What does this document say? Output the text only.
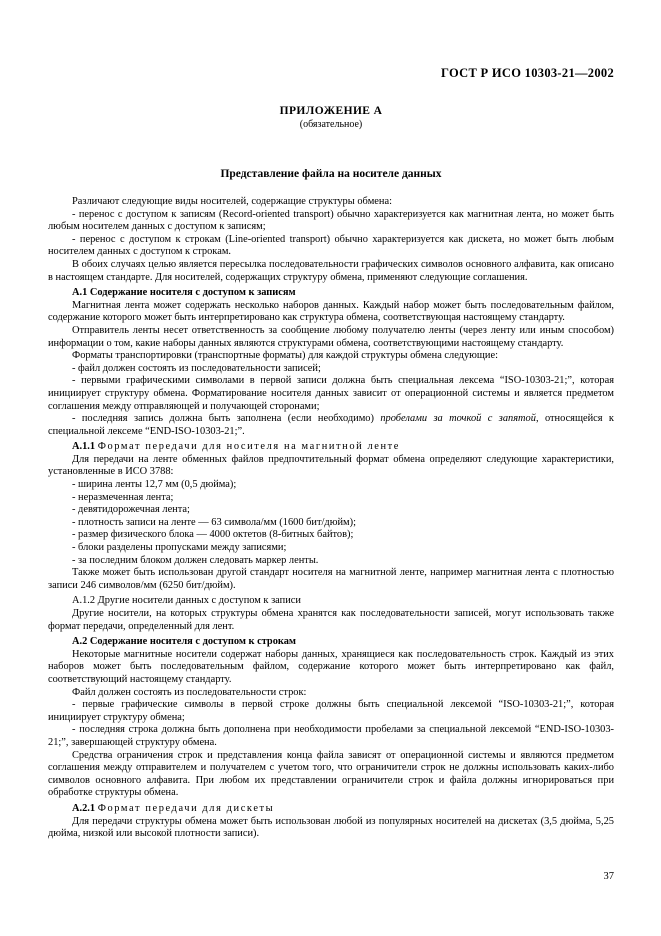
ГОСТ Р ИСО 10303-21—2002
ПРИЛОЖЕНИЕ А
(обязательное)
Представление файла на носителе данных

Различают следующие виды носителей, содержащие структуры обмена:

- перенос с доступом к записям (Record-oriented transport) обычно характеризуется как магнитная лента, но может быть любым носителем данных с доступом к записям;

- перенос с доступом к строкам (Line-oriented transport) обычно характеризуется как дискета, но может быть любым носителем данных с доступом к строкам.

В обоих случаях целью является пересылка последовательности графических символов основного алфавита, как описано в настоящем стандарте. Для носителей, содержащих структуру обмена, применяют следующие соглашения.

А.1 Содержание носителя с доступом к записям

Магнитная лента может содержать несколько наборов данных. Каждый набор может быть последовательным файлом, содержание которого может быть интерпретировано как структура обмена, соответствующая настоящему стандарту.

Отправитель ленты несет ответственность за сообщение любому получателю ленты (через ленту или иным способом) информации о том, какие наборы данных являются структурами обмена, соответствующими настоящему стандарту.

Форматы транспортировки (транспортные форматы) для каждой структуры обмена следующие:

- файл должен состоять из последовательности записей;

- первыми графическими символами в первой записи должна быть специальная лексема “ISO-10303-21;”, которая инициирует структуру обмена. Форматирование носителя данных зависит от операционной системы и является предметом соглашения между отправляющей и получающей сторонами;

- последняя запись должна быть заполнена (если необходимо) пробелами за точкой с запятой, относящейся к специальной лексеме “END-ISO-10303-21;”.

А.1.1 Формат передачи для носителя на магнитной ленте

Для передачи на ленте обменных файлов предпочтительный формат обмена определяют следующие характеристики, установленные в ИСО 3788:

- ширина ленты 12,7 мм (0,5 дюйма);

- неразмеченная лента;

- девятидорожечная лента;

- плотность записи на ленте — 63 символа/мм (1600 бит/дюйм);

- размер физического блока — 4000 октетов (8-битных байтов);

- блоки разделены пропусками между записями;

- за последним блоком должен следовать маркер ленты.

Также может быть использован другой стандарт носителя на магнитной ленте, например магнитная лента с плотностью записи 246 символов/мм (6250 бит/дюйм).

А.1.2 Другие носители данных с доступом к записи

Другие носители, на которых структуры обмена хранятся как последовательности записей, могут использовать также формат передачи, определенный для лент.

А.2 Содержание носителя с доступом к строкам

Некоторые магнитные носители содержат наборы данных, хранящиеся как последовательность строк. Каждый из этих наборов может быть последовательным файлом, содержание которого может быть интерпретировано как файл, соответствующий настоящему стандарту.

Файл должен состоять из последовательности строк:

- первые графические символы в первой строке должны быть специальной лексемой “ISO-10303-21;”, которая инициирует структуру обмена;

- последняя строка должна быть дополнена при необходимости пробелами за специальной лексемой “END-ISO-10303-21;”, завершающей структуру обмена.

Средства ограничения строк и представления конца файла зависят от операционной системы и являются предметом соглашения между отправителем и получателем с учетом того, что ограничители строк не должны использовать каких-либо символов основного алфавита. При любом их представлении ограничители строк и файла должны игнорироваться при обработке структуры обмена.

А.2.1 Формат передачи для дискеты

Для передачи структуры обмена может быть использован любой из популярных носителей на дискетах (3,5 дюйма, 5,25 дюйма, низкой или высокой плотности записи).

37
